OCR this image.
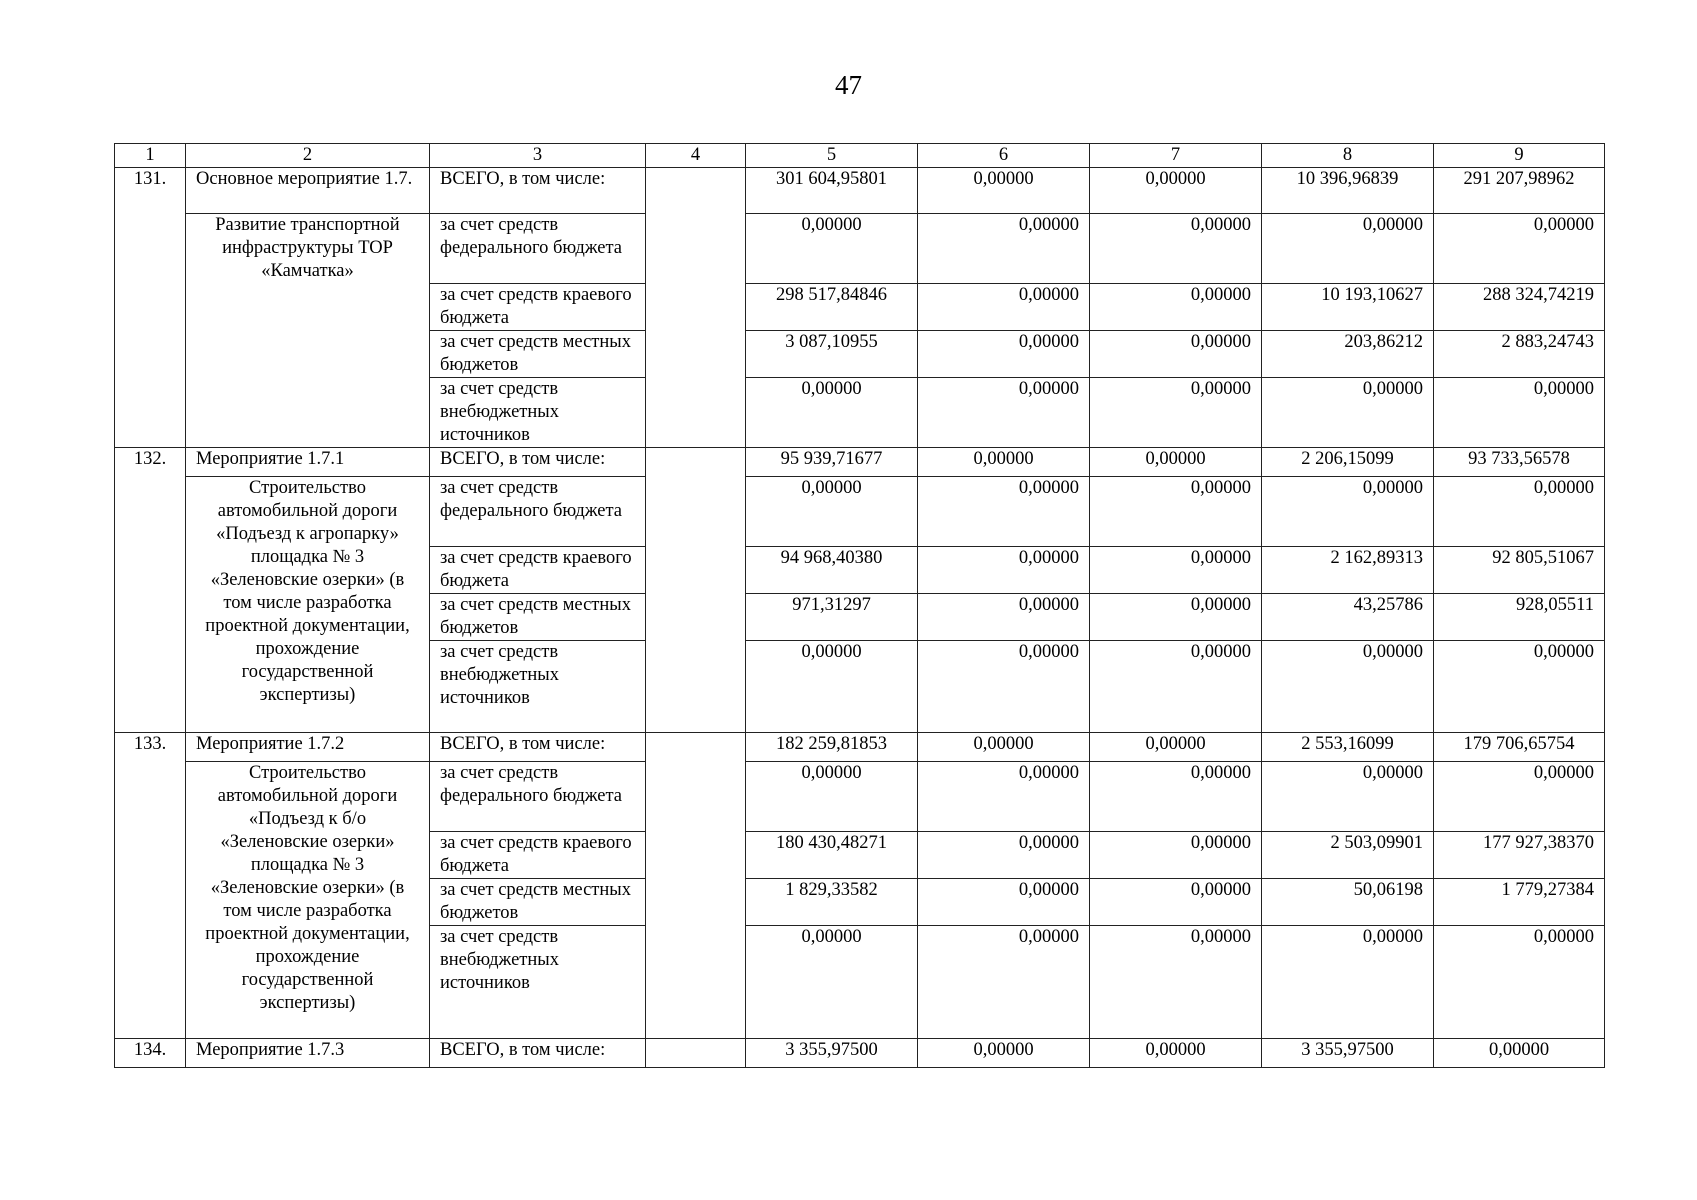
47
1	2	3	4	5	6	7	8	9
131.	Основное мероприятие 1.7.	ВСЕГО, в том числе:		301 604,95801	0,00000	0,00000	10 396,96839	291 207,98962
	Развитие транспортной инфраструктуры ТОР «Камчатка»	за счет средств федерального бюджета		0,00000	0,00000	0,00000	0,00000	0,00000
		за счет средств краевого бюджета		298 517,84846	0,00000	0,00000	10 193,10627	288 324,74219
		за счет средств местных бюджетов		3 087,10955	0,00000	0,00000	203,86212	2 883,24743
		за счет средств внебюджетных источников		0,00000	0,00000	0,00000	0,00000	0,00000
132.	Мероприятие 1.7.1	ВСЕГО, в том числе:		95 939,71677	0,00000	0,00000	2 206,15099	93 733,56578
	Строительство автомобильной дороги «Подъезд к агропарку» площадка № 3 «Зеленовские озерки» (в том числе разработка проектной документации, прохождение государственной экспертизы)	за счет средств федерального бюджета		0,00000	0,00000	0,00000	0,00000	0,00000
		за счет средств краевого бюджета		94 968,40380	0,00000	0,00000	2 162,89313	92 805,51067
		за счет средств местных бюджетов		971,31297	0,00000	0,00000	43,25786	928,05511
		за счет средств внебюджетных источников		0,00000	0,00000	0,00000	0,00000	0,00000
133.	Мероприятие 1.7.2	ВСЕГО, в том числе:		182 259,81853	0,00000	0,00000	2 553,16099	179 706,65754
	Строительство автомобильной дороги «Подъезд к б/о «Зеленовские озерки» площадка № 3 «Зеленовские озерки» (в том числе разработка проектной документации, прохождение государственной экспертизы)	за счет средств федерального бюджета		0,00000	0,00000	0,00000	0,00000	0,00000
		за счет средств краевого бюджета		180 430,48271	0,00000	0,00000	2 503,09901	177 927,38370
		за счет средств местных бюджетов		1 829,33582	0,00000	0,00000	50,06198	1 779,27384
		за счет средств внебюджетных источников		0,00000	0,00000	0,00000	0,00000	0,00000
134.	Мероприятие 1.7.3	ВСЕГО, в том числе:		3 355,97500	0,00000	0,00000	3 355,97500	0,00000
